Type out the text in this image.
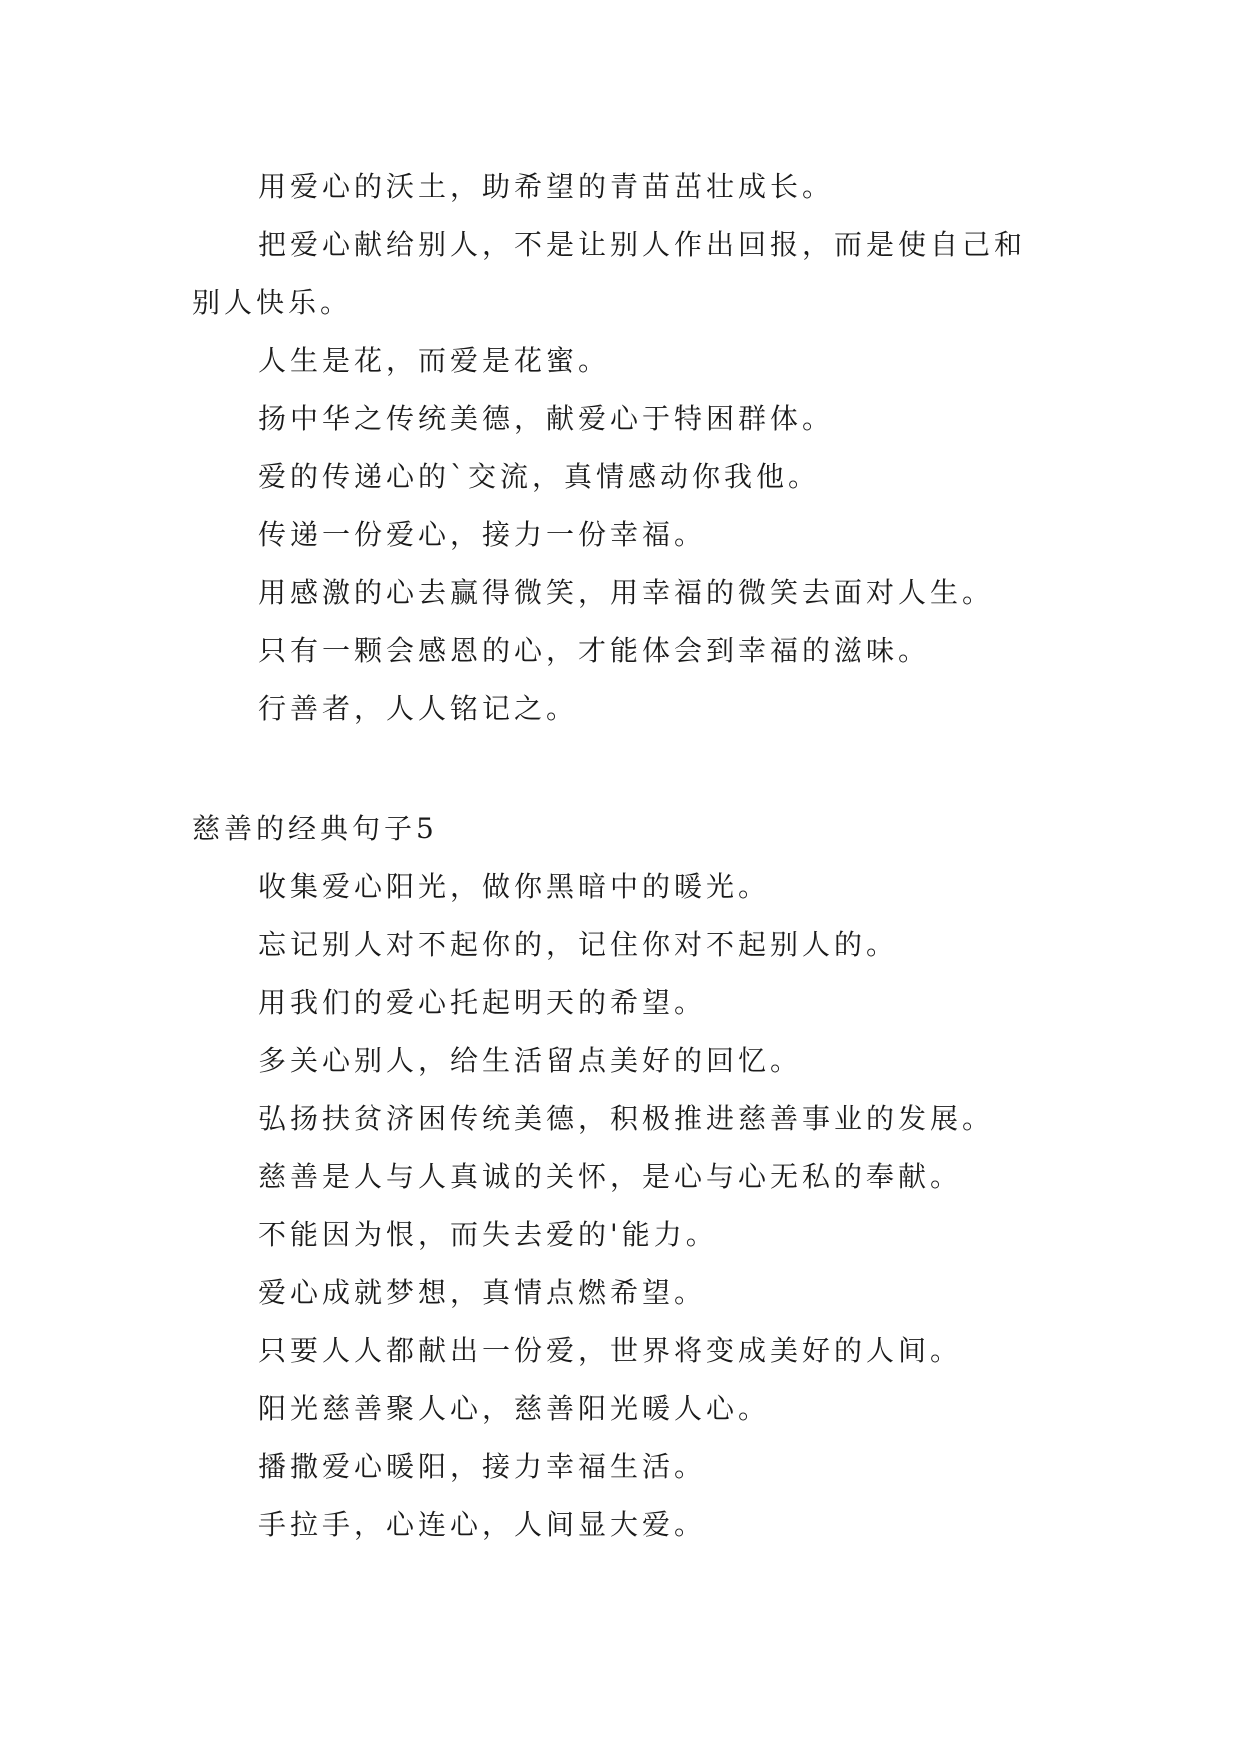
用爱心的沃土，助希望的青苗茁壮成长。

把爱心献给别人，不是让别人作出回报，而是使自己和别人快乐。

人生是花，而爱是花蜜。

扬中华之传统美德，献爱心于特困群体。

爱的传递心的`交流，真情感动你我他。

传递一份爱心，接力一份幸福。

用感激的心去赢得微笑，用幸福的微笑去面对人生。

只有一颗会感恩的心，才能体会到幸福的滋味。

行善者，人人铭记之。

慈善的经典句子5

收集爱心阳光，做你黑暗中的暖光。

忘记别人对不起你的，记住你对不起别人的。

用我们的爱心托起明天的希望。

多关心别人，给生活留点美好的回忆。

弘扬扶贫济困传统美德，积极推进慈善事业的发展。

慈善是人与人真诚的关怀，是心与心无私的奉献。

不能因为恨，而失去爱的'能力。

爱心成就梦想，真情点燃希望。

只要人人都献出一份爱，世界将变成美好的人间。

阳光慈善聚人心，慈善阳光暖人心。

播撒爱心暖阳，接力幸福生活。

手拉手，心连心，人间显大爱。
